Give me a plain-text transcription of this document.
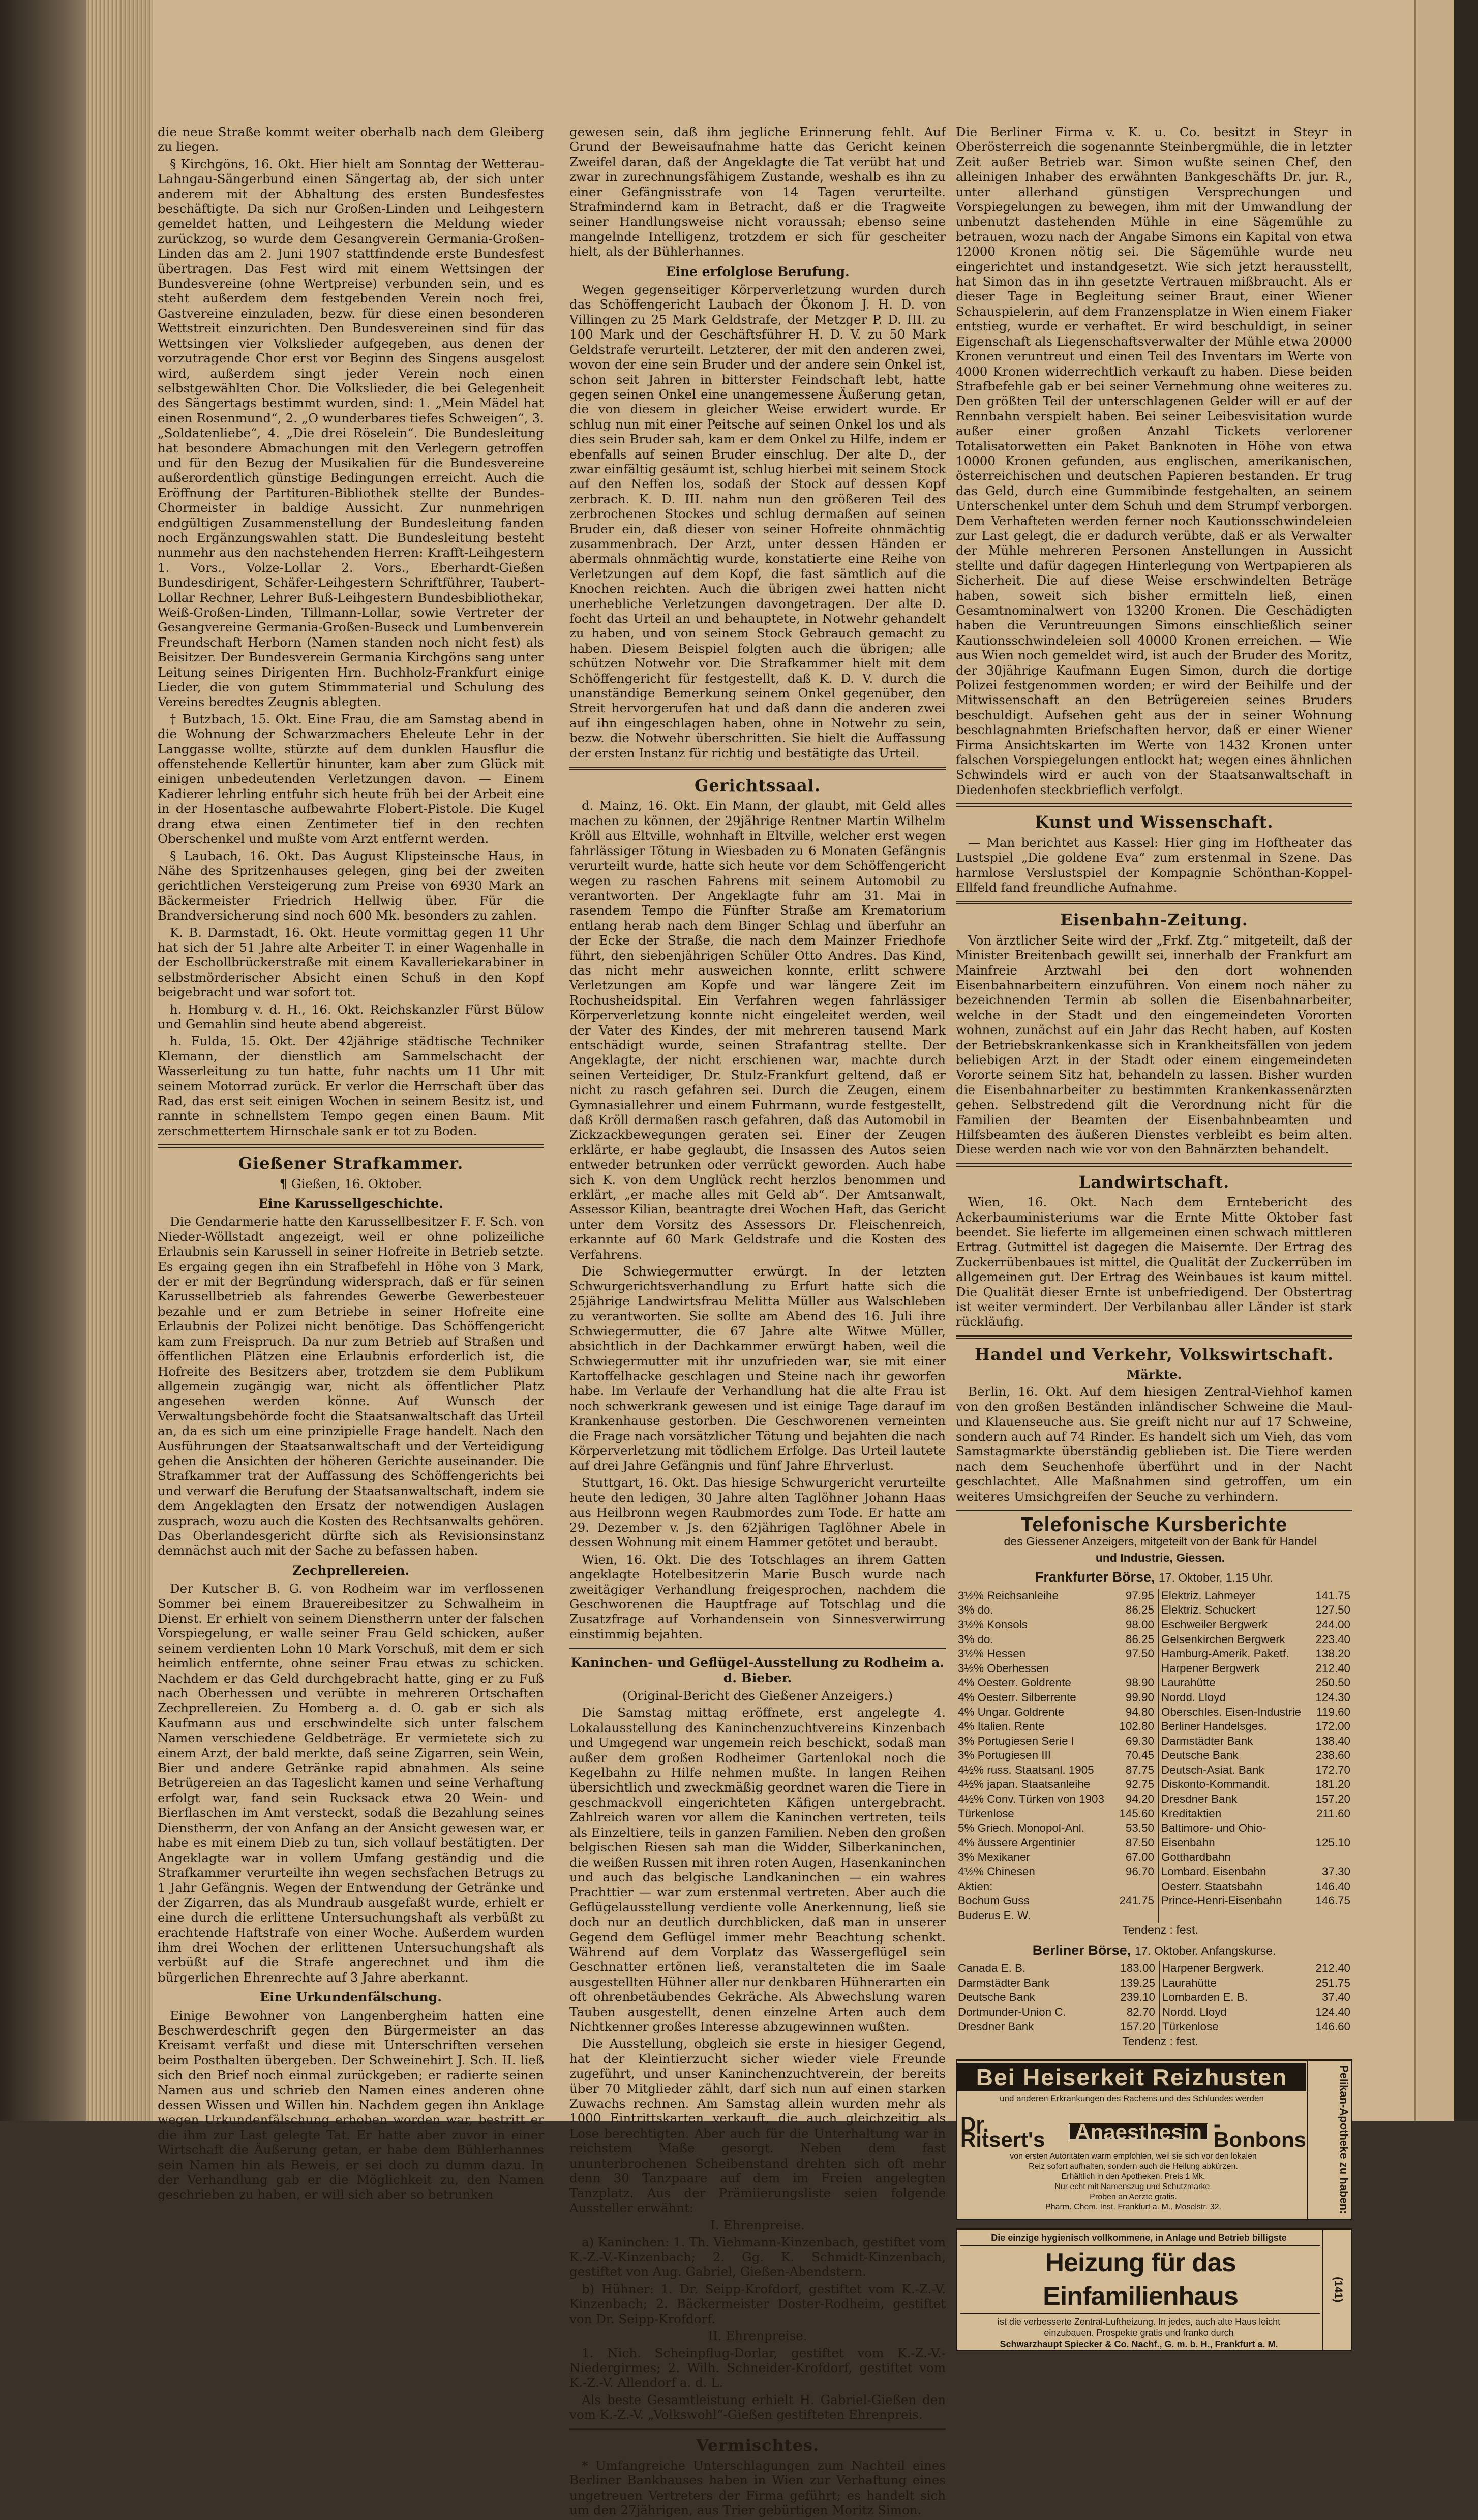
die neue Straße kommt weiter oberhalb nach dem Gleiberg zu liegen.

§ Kirchgöns, 16. Okt. Hier hielt am Sonntag der Wetterau-Lahngau-Sängerbund einen Sängertag ab, der sich unter anderem mit der Abhaltung des ersten Bundesfestes beschäftigte. Da sich nur Großen-Linden und Leihgestern gemeldet hatten, und Leihgestern die Meldung wieder zurückzog, so wurde dem Gesangverein Germania-Großen-Linden das am 2. Juni 1907 stattfindende erste Bundesfest übertragen. Das Fest wird mit einem Wettsingen der Bundesvereine (ohne Wertpreise) verbunden sein, und es steht außerdem dem festgebenden Verein noch frei, Gastvereine einzuladen, bezw. für diese einen besonderen Wettstreit einzurichten. Den Bundesvereinen sind für das Wettsingen vier Volkslieder aufgegeben, aus denen der vorzutragende Chor erst vor Beginn des Singens ausgelost wird, außerdem singt jeder Verein noch einen selbstgewählten Chor. Die Volkslieder, die bei Gelegenheit des Sängertags bestimmt wurden, sind: 1. „Mein Mädel hat einen Rosenmund“, 2. „O wunderbares tiefes Schweigen“, 3. „Soldatenliebe“, 4. „Die drei Röselein“. Die Bundesleitung hat besondere Abmachungen mit den Verlegern getroffen und für den Bezug der Musikalien für die Bundesvereine außerordentlich günstige Bedingungen erreicht. Auch die Eröffnung der Partituren-Bibliothek stellte der Bundes-Chormeister in baldige Aussicht. Zur nunmehrigen endgültigen Zusammenstellung der Bundesleitung fanden noch Ergänzungswahlen statt. Die Bundesleitung besteht nunmehr aus den nachstehenden Herren: Krafft-Leihgestern 1. Vors., Volze-Lollar 2. Vors., Eberhardt-Gießen Bundesdirigent, Schäfer-Leihgestern Schriftführer, Taubert-Lollar Rechner, Lehrer Buß-Leihgestern Bundesbibliothekar, Weiß-Großen-Linden, Tillmann-Lollar, sowie Vertreter der Gesangvereine Germania-Großen-Buseck und Lumbenverein Freundschaft Herborn (Namen standen noch nicht fest) als Beisitzer. Der Bundesverein Germania Kirchgöns sang unter Leitung seines Dirigenten Hrn. Buchholz-Frankfurt einige Lieder, die von gutem Stimmmaterial und Schulung des Vereins beredtes Zeugnis ablegten.

† Butzbach, 15. Okt. Eine Frau, die am Samstag abend in die Wohnung der Schwarzmachers Eheleute Lehr in der Langgasse wollte, stürzte auf dem dunklen Hausflur die offenstehende Kellertür hinunter, kam aber zum Glück mit einigen unbedeutenden Verletzungen davon. — Einem Kadierer lehrling entfuhr sich heute früh bei der Arbeit eine in der Hosentasche aufbewahrte Flobert-Pistole. Die Kugel drang etwa einen Zentimeter tief in den rechten Oberschenkel und mußte vom Arzt entfernt werden.

§ Laubach, 16. Okt. Das August Klipsteinsche Haus, in Nähe des Spritzenhauses gelegen, ging bei der zweiten gerichtlichen Versteigerung zum Preise von 6930 Mark an Bäckermeister Friedrich Hellwig über. Für die Brandversicherung sind noch 600 Mk. besonders zu zahlen.

K. B. Darmstadt, 16. Okt. Heute vormittag gegen 11 Uhr hat sich der 51 Jahre alte Arbeiter T. in einer Wagenhalle in der Eschollbrückerstraße mit einem Kavalleriekarabiner in selbstmörderischer Absicht einen Schuß in den Kopf beigebracht und war sofort tot.

h. Homburg v. d. H., 16. Okt. Reichskanzler Fürst Bülow und Gemahlin sind heute abend abgereist.

h. Fulda, 15. Okt. Der 42jährige städtische Techniker Klemann, der dienstlich am Sammelschacht der Wasserleitung zu tun hatte, fuhr nachts um 11 Uhr mit seinem Motorrad zurück. Er verlor die Herrschaft über das Rad, das erst seit einigen Wochen in seinem Besitz ist, und rannte in schnellstem Tempo gegen einen Baum. Mit zerschmettertem Hirnschale sank er tot zu Boden.

Gießener Strafkammer.

¶ Gießen, 16. Oktober.

Eine Karussellgeschichte.

Die Gendarmerie hatte den Karussellbesitzer F. F. Sch. von Nieder-Wöllstadt angezeigt, weil er ohne polizeiliche Erlaubnis sein Karussell in seiner Hofreite in Betrieb setzte. Es ergaing gegen ihn ein Strafbefehl in Höhe von 3 Mark, der er mit der Begründung widersprach, daß er für seinen Karussellbetrieb als fahrendes Gewerbe Gewerbesteuer bezahle und er zum Betriebe in seiner Hofreite eine Erlaubnis der Polizei nicht benötige. Das Schöffengericht kam zum Freispruch. Da nur zum Betrieb auf Straßen und öffentlichen Plätzen eine Erlaubnis erforderlich ist, die Hofreite des Besitzers aber, trotzdem sie dem Publikum allgemein zugängig war, nicht als öffentlicher Platz angesehen werden könne. Auf Wunsch der Verwaltungsbehörde focht die Staatsanwaltschaft das Urteil an, da es sich um eine prinzipielle Frage handelt. Nach den Ausführungen der Staatsanwaltschaft und der Verteidigung gehen die Ansichten der höheren Gerichte auseinander. Die Strafkammer trat der Auffassung des Schöffengerichts bei und verwarf die Berufung der Staatsanwaltschaft, indem sie dem Angeklagten den Ersatz der notwendigen Auslagen zusprach, wozu auch die Kosten des Rechtsanwalts gehören. Das Oberlandesgericht dürfte sich als Revisionsinstanz demnächst auch mit der Sache zu befassen haben.

Zechprellereien.

Der Kutscher B. G. von Rodheim war im verflossenen Sommer bei einem Brauereibesitzer zu Schwalheim in Dienst. Er erhielt von seinem Dienstherrn unter der falschen Vorspiegelung, er walle seiner Frau Geld schicken, außer seinem verdienten Lohn 10 Mark Vorschuß, mit dem er sich heimlich entfernte, ohne seiner Frau etwas zu schicken. Nachdem er das Geld durchgebracht hatte, ging er zu Fuß nach Oberhessen und verübte in mehreren Ortschaften Zechprellereien. Zu Homberg a. d. O. gab er sich als Kaufmann aus und erschwindelte sich unter falschem Namen verschiedene Geldbeträge. Er vermietete sich zu einem Arzt, der bald merkte, daß seine Zigarren, sein Wein, Bier und andere Getränke rapid abnahmen. Als seine Betrügereien an das Tageslicht kamen und seine Verhaftung erfolgt war, fand sein Rucksack etwa 20 Wein- und Bierflaschen im Amt versteckt, sodaß die Bezahlung seines Dienstherrn, der von Anfang an der Ansicht gewesen war, er habe es mit einem Dieb zu tun, sich vollauf bestätigten. Der Angeklagte war in vollem Umfang geständig und die Strafkammer verurteilte ihn wegen sechsfachen Betrugs zu 1 Jahr Gefängnis. Wegen der Entwendung der Getränke und der Zigarren, das als Mundraub ausgefaßt wurde, erhielt er eine durch die erlittene Untersuchungshaft als verbüßt zu erachtende Haftstrafe von einer Woche. Außerdem wurden ihm drei Wochen der erlittenen Untersuchungshaft als verbüßt auf die Strafe angerechnet und ihm die bürgerlichen Ehrenrechte auf 3 Jahre aberkannt.

Eine Urkundenfälschung.

Einige Bewohner von Langenbergheim hatten eine Beschwerdeschrift gegen den Bürgermeister an das Kreisamt verfaßt und diese mit Unterschriften versehen beim Posthalten übergeben. Der Schweinehirt J. Sch. II. ließ sich den Brief noch einmal zurückgeben; er radierte seinen Namen aus und schrieb den Namen eines anderen ohne dessen Wissen und Willen hin. Nachdem gegen ihn Anklage wegen Urkundenfälschung erhoben worden war, bestritt er die ihm zur Last gelegte Tat. Er hatte aber zuvor in einer Wirtschaft die Äußerung getan, er habe dem Bühlerhannes sein Namen hin als Beweis, er sei doch zu dumm dazu. In der Verhandlung gab er die Möglichkeit zu, den Namen geschrieben zu haben, er will sich aber so betrunken

gewesen sein, daß ihm jegliche Erinnerung fehlt. Auf Grund der Beweisaufnahme hatte das Gericht keinen Zweifel daran, daß der Angeklagte die Tat verübt hat und zwar in zurechnungsfähigem Zustande, weshalb es ihn zu einer Gefängnisstrafe von 14 Tagen verurteilte. Strafmindernd kam in Betracht, daß er die Tragweite seiner Handlungsweise nicht voraussah; ebenso seine mangelnde Intelligenz, trotzdem er sich für gescheiter hielt, als der Bühlerhannes.

Eine erfolglose Berufung.

Wegen gegenseitiger Körperverletzung wurden durch das Schöffengericht Laubach der Ökonom J. H. D. von Villingen zu 25 Mark Geldstrafe, der Metzger P. D. III. zu 100 Mark und der Geschäftsführer H. D. V. zu 50 Mark Geldstrafe verurteilt. Letzterer, der mit den anderen zwei, wovon der eine sein Bruder und der andere sein Onkel ist, schon seit Jahren in bitterster Feindschaft lebt, hatte gegen seinen Onkel eine unangemessene Äußerung getan, die von diesem in gleicher Weise erwidert wurde. Er schlug nun mit einer Peitsche auf seinen Onkel los und als dies sein Bruder sah, kam er dem Onkel zu Hilfe, indem er ebenfalls auf seinen Bruder einschlug. Der alte D., der zwar einfältig gesäumt ist, schlug hierbei mit seinem Stock auf den Neffen los, sodaß der Stock auf dessen Kopf zerbrach. K. D. III. nahm nun den größeren Teil des zerbrochenen Stockes und schlug dermaßen auf seinen Bruder ein, daß dieser von seiner Hofreite ohnmächtig zusammenbrach. Der Arzt, unter dessen Händen er abermals ohnmächtig wurde, konstatierte eine Reihe von Verletzungen auf dem Kopf, die fast sämtlich auf die Knochen reichten. Auch die übrigen zwei hatten nicht unerhebliche Verletzungen davongetragen. Der alte D. focht das Urteil an und behauptete, in Notwehr gehandelt zu haben, und von seinem Stock Gebrauch gemacht zu haben. Diesem Beispiel folgten auch die übrigen; alle schützen Notwehr vor. Die Strafkammer hielt mit dem Schöffengericht für festgestellt, daß K. D. V. durch die unanständige Bemerkung seinem Onkel gegenüber, den Streit hervorgerufen hat und daß dann die anderen zwei auf ihn eingeschlagen haben, ohne in Notwehr zu sein, bezw. die Notwehr überschritten. Sie hielt die Auffassung der ersten Instanz für richtig und bestätigte das Urteil.

Gerichtssaal.

d. Mainz, 16. Okt. Ein Mann, der glaubt, mit Geld alles machen zu können, der 29jährige Rentner Martin Wilhelm Kröll aus Eltville, wohnhaft in Eltville, welcher erst wegen fahrlässiger Tötung in Wiesbaden zu 6 Monaten Gefängnis verurteilt wurde, hatte sich heute vor dem Schöffengericht wegen zu raschen Fahrens mit seinem Automobil zu verantworten. Der Angeklagte fuhr am 31. Mai in rasendem Tempo die Fünfter Straße am Krematorium entlang herab nach dem Binger Schlag und überfuhr an der Ecke der Straße, die nach dem Mainzer Friedhofe führt, den siebenjährigen Schüler Otto Andres. Das Kind, das nicht mehr ausweichen konnte, erlitt schwere Verletzungen am Kopfe und war längere Zeit im Rochusheidspital. Ein Verfahren wegen fahrlässiger Körperverletzung konnte nicht eingeleitet werden, weil der Vater des Kindes, der mit mehreren tausend Mark entschädigt wurde, seinen Strafantrag stellte. Der Angeklagte, der nicht erschienen war, machte durch seinen Verteidiger, Dr. Stulz-Frankfurt geltend, daß er nicht zu rasch gefahren sei. Durch die Zeugen, einem Gymnasiallehrer und einem Fuhrmann, wurde festgestellt, daß Kröll dermaßen rasch gefahren, daß das Automobil in Zickzackbewegungen geraten sei. Einer der Zeugen erklärte, er habe geglaubt, die Insassen des Autos seien entweder betrunken oder verrückt geworden. Auch habe sich K. von dem Unglück recht herzlos benommen und erklärt, „er mache alles mit Geld ab“. Der Amtsanwalt, Assessor Kilian, beantragte drei Wochen Haft, das Gericht unter dem Vorsitz des Assessors Dr. Fleischenreich, erkannte auf 60 Mark Geldstrafe und die Kosten des Verfahrens.

Die Schwiegermutter erwürgt. In der letzten Schwurgerichtsverhandlung zu Erfurt hatte sich die 25jährige Landwirtsfrau Melitta Müller aus Walschleben zu verantworten. Sie sollte am Abend des 16. Juli ihre Schwiegermutter, die 67 Jahre alte Witwe Müller, absichtlich in der Dachkammer erwürgt haben, weil die Schwiegermutter mit ihr unzufrieden war, sie mit einer Kartoffelhacke geschlagen und Steine nach ihr geworfen habe. Im Verlaufe der Verhandlung hat die alte Frau ist noch schwerkrank gewesen und ist einige Tage darauf im Krankenhause gestorben. Die Geschworenen verneinten die Frage nach vorsätzlicher Tötung und bejahten die nach Körperverletzung mit tödlichem Erfolge. Das Urteil lautete auf drei Jahre Gefängnis und fünf Jahre Ehrverlust.

Stuttgart, 16. Okt. Das hiesige Schwurgericht verurteilte heute den ledigen, 30 Jahre alten Taglöhner Johann Haas aus Heilbronn wegen Raubmordes zum Tode. Er hatte am 29. Dezember v. Js. den 62jährigen Taglöhner Abele in dessen Wohnung mit einem Hammer getötet und beraubt.

Wien, 16. Okt. Die des Totschlages an ihrem Gatten angeklagte Hotelbesitzerin Marie Busch wurde nach zweitägiger Verhandlung freigesprochen, nachdem die Geschworenen die Hauptfrage auf Totschlag und die Zusatzfrage auf Vorhandensein von Sinnesverwirrung einstimmig bejahten.

Kaninchen- und Geflügel-Ausstellung zu Rodheim a. d. Bieber.

(Original-Bericht des Gießener Anzeigers.)

Die Samstag mittag eröffnete, erst angelegte 4. Lokalausstellung des Kaninchenzuchtvereins Kinzenbach und Umgegend war ungemein reich beschickt, sodaß man außer dem großen Rodheimer Gartenlokal noch die Kegelbahn zu Hilfe nehmen mußte. In langen Reihen übersichtlich und zweckmäßig geordnet waren die Tiere in geschmackvoll eingerichteten Käfigen untergebracht. Zahlreich waren vor allem die Kaninchen vertreten, teils als Einzeltiere, teils in ganzen Familien. Neben den großen belgischen Riesen sah man die Widder, Silberkaninchen, die weißen Russen mit ihren roten Augen, Hasenkaninchen und auch das belgische Landkaninchen — ein wahres Prachttier — war zum erstenmal vertreten. Aber auch die Geflügelausstellung verdiente volle Anerkennung, ließ sie doch nur an deutlich durchblicken, daß man in unserer Gegend dem Geflügel immer mehr Beachtung schenkt. Während auf dem Vorplatz das Wassergeflügel sein Geschnatter ertönen ließ, veranstalteten die im Saale ausgestellten Hühner aller nur denkbaren Hühnerarten ein oft ohrenbetäubendes Gekräche. Als Abwechslung waren Tauben ausgestellt, denen einzelne Arten auch dem Nichtkenner großes Interesse abzugewinnen wußten.

Die Ausstellung, obgleich sie erste in hiesiger Gegend, hat der Kleintierzucht sicher wieder viele Freunde zugeführt, und unser Kaninchenzuchtverein, der bereits über 70 Mitglieder zählt, darf sich nun auf einen starken Zuwachs rechnen. Am Samstag allein wurden mehr als 1000 Eintrittskarten verkauft, die auch gleichzeitig als Lose berechtigten. Aber auch für die Unterhaltung war in reichstem Maße gesorgt. Neben dem fast ununterbrochenen Scheibenstand drehten sich oft mehr denn 30 Tanzpaare auf dem im Freien angelegten Tanzplatz. Aus der Prämiierungsliste seien folgende Aussteller erwähnt:

I. Ehrenpreise.

a) Kaninchen: 1. Th. Viehmann-Kinzenbach, gestiftet vom K.-Z.-V.-Kinzenbach; 2. Gg. K. Schmidt-Kinzenbach, gestiftet von Aug. Gabriel, Gießen-Abendstern.

b) Hühner: 1. Dr. Seipp-Krofdorf, gestiftet vom K.-Z.-V. Kinzenbach; 2. Bäckermeister Doster-Rodheim, gestiftet von Dr. Seipp-Krofdorf.

II. Ehrenpreise.

1. Nich. Scheinpflug-Dorlar, gestiftet vom K.-Z.-V.-Niedergirmes; 2. Wilh. Schneider-Krofdorf, gestiftet vom K.-Z.-V. Allendorf a. d. L.

Als beste Gesamtleistung erhielt H. Gabriel-Gießen den vom K.-Z.-V. „Volkswohl“-Gießen gestifteten Ehrenpreis.

Vermischtes.

* Umfangreiche Unterschlagungen zum Nachteil eines Berliner Bankhauses haben in Wien zur Verhaftung eines ungetreuen Vertreters der Firma geführt; es handelt sich um den 27jährigen, aus Trier gebürtigen Moritz Simon.

Die Berliner Firma v. K. u. Co. besitzt in Steyr in Oberösterreich die sogenannte Steinbergmühle, die in letzter Zeit außer Betrieb war. Simon wußte seinen Chef, den alleinigen Inhaber des erwähnten Bankgeschäfts Dr. jur. R., unter allerhand günstigen Versprechungen und Vorspiegelungen zu bewegen, ihm mit der Umwandlung der unbenutzt dastehenden Mühle in eine Sägemühle zu betrauen, wozu nach der Angabe Simons ein Kapital von etwa 12000 Kronen nötig sei. Die Sägemühle wurde neu eingerichtet und instandgesetzt. Wie sich jetzt herausstellt, hat Simon das in ihn gesetzte Vertrauen mißbraucht. Als er dieser Tage in Begleitung seiner Braut, einer Wiener Schauspielerin, auf dem Franzensplatze in Wien einem Fiaker entstieg, wurde er verhaftet. Er wird beschuldigt, in seiner Eigenschaft als Liegenschaftsverwalter der Mühle etwa 20000 Kronen veruntreut und einen Teil des Inventars im Werte von 4000 Kronen widerrechtlich verkauft zu haben. Diese beiden Strafbefehle gab er bei seiner Vernehmung ohne weiteres zu. Den größten Teil der unterschlagenen Gelder will er auf der Rennbahn verspielt haben. Bei seiner Leibesvisitation wurde außer einer großen Anzahl Tickets verlorener Totalisatorwetten ein Paket Banknoten in Höhe von etwa 10000 Kronen gefunden, aus englischen, amerikanischen, österreichischen und deutschen Papieren bestanden. Er trug das Geld, durch eine Gummibinde festgehalten, an seinem Unterschenkel unter dem Schuh und dem Strumpf verborgen. Dem Verhafteten werden ferner noch Kautionsschwindeleien zur Last gelegt, die er dadurch verübte, daß er als Verwalter der Mühle mehreren Personen Anstellungen in Aussicht stellte und dafür dagegen Hinterlegung von Wertpapieren als Sicherheit. Die auf diese Weise erschwindelten Beträge haben, soweit sich bisher ermitteln ließ, einen Gesamtnominalwert von 13200 Kronen. Die Geschädigten haben die Veruntreuungen Simons einschließlich seiner Kautionsschwindeleien soll 40000 Kronen erreichen. — Wie aus Wien noch gemeldet wird, ist auch der Bruder des Moritz, der 30jährige Kaufmann Eugen Simon, durch die dortige Polizei festgenommen worden; er wird der Beihilfe und der Mitwissenschaft an den Betrügereien seines Bruders beschuldigt. Aufsehen geht aus der in seiner Wohnung beschlagnahmten Briefschaften hervor, daß er einer Wiener Firma Ansichtskarten im Werte von 1432 Kronen unter falschen Vorspiegelungen entlockt hat; wegen eines ähnlichen Schwindels wird er auch von der Staatsanwaltschaft in Diedenhofen steckbrieflich verfolgt.

Kunst und Wissenschaft.

— Man berichtet aus Kassel: Hier ging im Hoftheater das Lustspiel „Die goldene Eva“ zum erstenmal in Szene. Das harmlose Verslustspiel der Kompagnie Schönthan-Koppel-Ellfeld fand freundliche Aufnahme.

Eisenbahn-Zeitung.

Von ärztlicher Seite wird der „Frkf. Ztg.“ mitgeteilt, daß der Minister Breitenbach gewillt sei, innerhalb der Frankfurt am Mainfreie Arztwahl bei den dort wohnenden Eisenbahnarbeitern einzuführen. Von einem noch näher zu bezeichnenden Termin ab sollen die Eisenbahnarbeiter, welche in der Stadt und den eingemeindeten Vororten wohnen, zunächst auf ein Jahr das Recht haben, auf Kosten der Betriebskrankenkasse sich in Krankheitsfällen von jedem beliebigen Arzt in der Stadt oder einem eingemeindeten Vororte seinem Sitz hat, behandeln zu lassen. Bisher wurden die Eisenbahnarbeiter zu bestimmten Krankenkassenärzten gehen. Selbstredend gilt die Verordnung nicht für die Familien der Beamten der Eisenbahnbeamten und Hilfsbeamten des äußeren Dienstes verbleibt es beim alten. Diese werden nach wie vor von den Bahnärzten behandelt.

Landwirtschaft.

Wien, 16. Okt. Nach dem Erntebericht des Ackerbauministeriums war die Ernte Mitte Oktober fast beendet. Sie lieferte im allgemeinen einen schwach mittleren Ertrag. Gutmittel ist dagegen die Maisernte. Der Ertrag des Zuckerrübenbaues ist mittel, die Qualität der Zuckerrüben im allgemeinen gut. Der Ertrag des Weinbaues ist kaum mittel. Die Qualität dieser Ernte ist unbefriedigend. Der Obstertrag ist weiter vermindert. Der Verbilanbau aller Länder ist stark rückläufig.

Handel und Verkehr, Volkswirtschaft.

Märkte.

Berlin, 16. Okt. Auf dem hiesigen Zentral-Viehhof kamen von den großen Beständen inländischer Schweine die Maul- und Klauenseuche aus. Sie greift nicht nur auf 17 Schweine, sondern auch auf 74 Rinder. Es handelt sich um Vieh, das vom Samstagmarkte überständig geblieben ist. Die Tiere werden nach dem Seuchenhofe überführt und in der Nacht geschlachtet. Alle Maßnahmen sind getroffen, um ein weiteres Umsichgreifen der Seuche zu verhindern.

Telefonische Kursberichte

des Giessener Anzeigers, mitgeteilt von der Bank für Handel

und Industrie, Giessen.

Frankfurter Börse, 17. Oktober, 1.15 Uhr.
3½% Reichsanleihe	97.95	Elektriz. Lahmeyer	141.75
3% do.	86.25	Elektriz. Schuckert	127.50
3½% Konsols	98.00	Eschweiler Bergwerk	244.00
3% do.	86.25	Gelsenkirchen Bergwerk	223.40
3½% Hessen	97.50	Hamburg-Amerik. Paketf.	138.20
3½% Oberhessen		Harpener Bergwerk	212.40
4% Oesterr. Goldrente	98.90	Laurahütte	250.50
4% Oesterr. Silberrente	99.90	Nordd. Lloyd	124.30
4% Ungar. Goldrente	94.80	Oberschles. Eisen-Industrie	119.60
4% Italien. Rente	102.80	Berliner Handelsges.	172.00
3% Portugiesen Serie I	69.30	Darmstädter Bank	138.40
3% Portugiesen III	70.45	Deutsche Bank	238.60
4½% russ. Staatsanl. 1905	87.75	Deutsch-Asiat. Bank	172.70
4½% japan. Staatsanleihe	92.75	Diskonto-Kommandit.	181.20
4½% Conv. Türken von 1903	94.20	Dresdner Bank	157.20
Türkenlose	145.60	Kreditaktien	211.60
5% Griech. Monopol-Anl.	53.50	Baltimore- und Ohio-	
4% äussere Argentinier	87.50	Eisenbahn	125.10
3% Mexikaner	67.00	Gotthardbahn	
4½% Chinesen	96.70	Lombard. Eisenbahn	37.30
Aktien:		Oesterr. Staatsbahn	146.40
Bochum Guss	241.75	Prince-Henri-Eisenbahn	146.75
Buderus E. W.			

Tendenz : fest.

Berliner Börse, 17. Oktober. Anfangskurse.
Canada E. B.	183.00	Harpener Bergwerk.	212.40
Darmstädter Bank	139.25	Laurahütte	251.75
Deutsche Bank	239.10	Lombarden E. B.	37.40
Dortmunder-Union C.	82.70	Nordd. Lloyd	124.40
Dresdner Bank	157.20	Türkenlose	146.60

Tendenz : fest.

Bei Heiserkeit Reizhusten
und anderen Erkrankungen des Rachens und des Schlundes werden
Dr. Ritsert's	Anaesthesin - Bonbons
von ersten Autoritäten warm empfohlen, weil sie sich vor den lokalen
Reiz sofort aufhalten, sondern auch die Heilung abkürzen.
Erhältlich in den Apotheken. Preis 1 Mk.
Nur echt mit Namenszug und Schutzmarke.
Proben an Aerzte gratis.
Pharm. Chem. Inst. Frankfurt a. M., Moselstr. 32.	Pelikan-Apotheke zu haben:
Die einzige hygienisch vollkommene, in Anlage und Betrieb billigste
Heizung für das Einfamilienhaus
ist die verbesserte Zentral-Luftheizung. In jedes, auch alte Haus leicht
einzubauen. Prospekte gratis und franko durch
Schwarzhaupt Spiecker & Co. Nachf., G. m. b. H., Frankfurt a. M.
(141)
